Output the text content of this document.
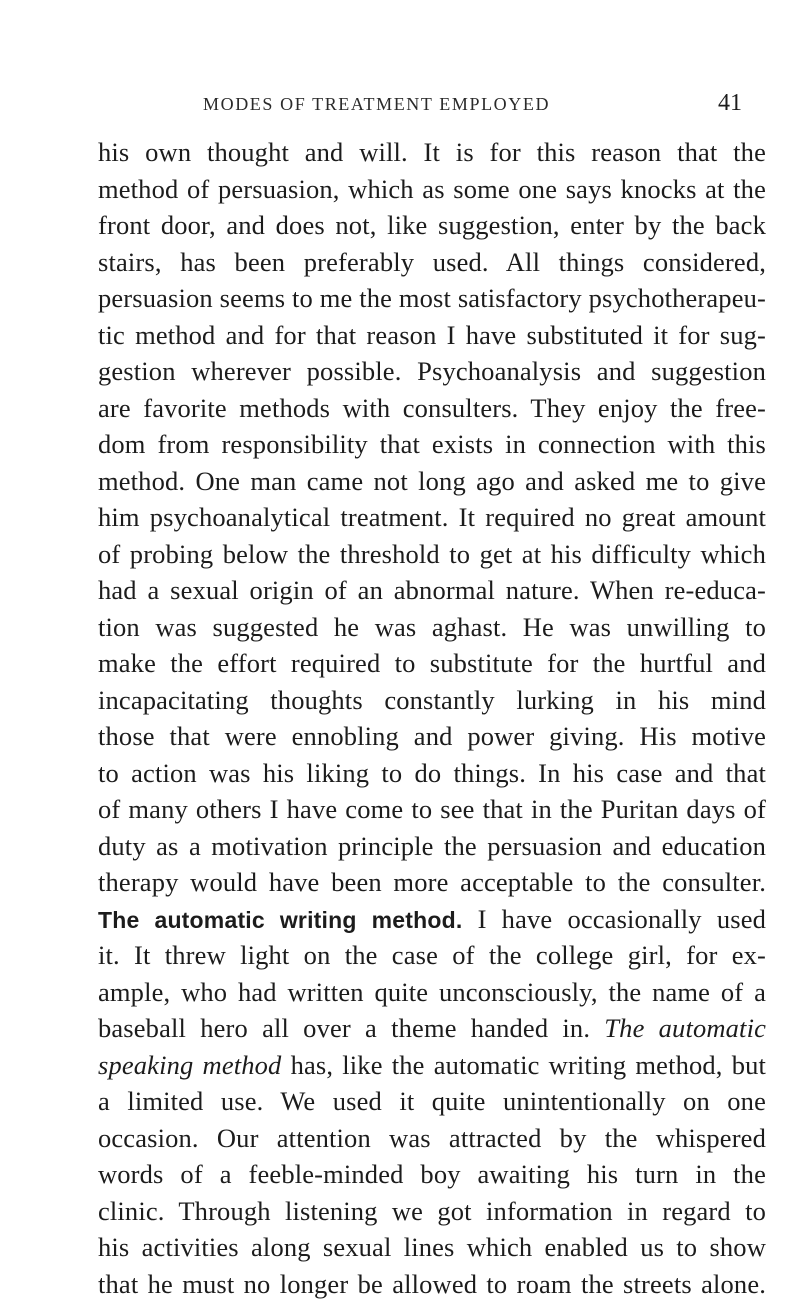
MODES OF TREATMENT EMPLOYED	41
his own thought and will. It is for this reason that the
method of persuasion, which as some one says knocks at the
front door, and does not, like suggestion, enter by the back
stairs, has been preferably used. All things considered,
persuasion seems to me the most satisfactory psychotherapeu-
tic method and for that reason I have substituted it for sug-
gestion wherever possible. Psychoanalysis and suggestion
are favorite methods with consulters. They enjoy the free-
dom from responsibility that exists in connection with this
method. One man came not long ago and asked me to give
him psychoanalytical treatment. It required no great amount
of probing below the threshold to get at his difficulty which
had a sexual origin of an abnormal nature. When re-educa-
tion was suggested he was aghast. He was unwilling to
make the effort required to substitute for the hurtful and
incapacitating thoughts constantly lurking in his mind
those that were ennobling and power giving. His motive
to action was his liking to do things. In his case and that
of many others I have come to see that in the Puritan days of
duty as a motivation principle the persuasion and education
therapy would have been more acceptable to the consulter.
The automatic writing method. I have occasionally used
it. It threw light on the case of the college girl, for ex-
ample, who had written quite unconsciously, the name of a
baseball hero all over a theme handed in. The automatic
speaking method has, like the automatic writing method, but
a limited use. We used it quite unintentionally on one
occasion. Our attention was attracted by the whispered
words of a feeble-minded boy awaiting his turn in the
clinic. Through listening we got information in regard to
his activities along sexual lines which enabled us to show
that he must no longer be allowed to roam the streets alone.
